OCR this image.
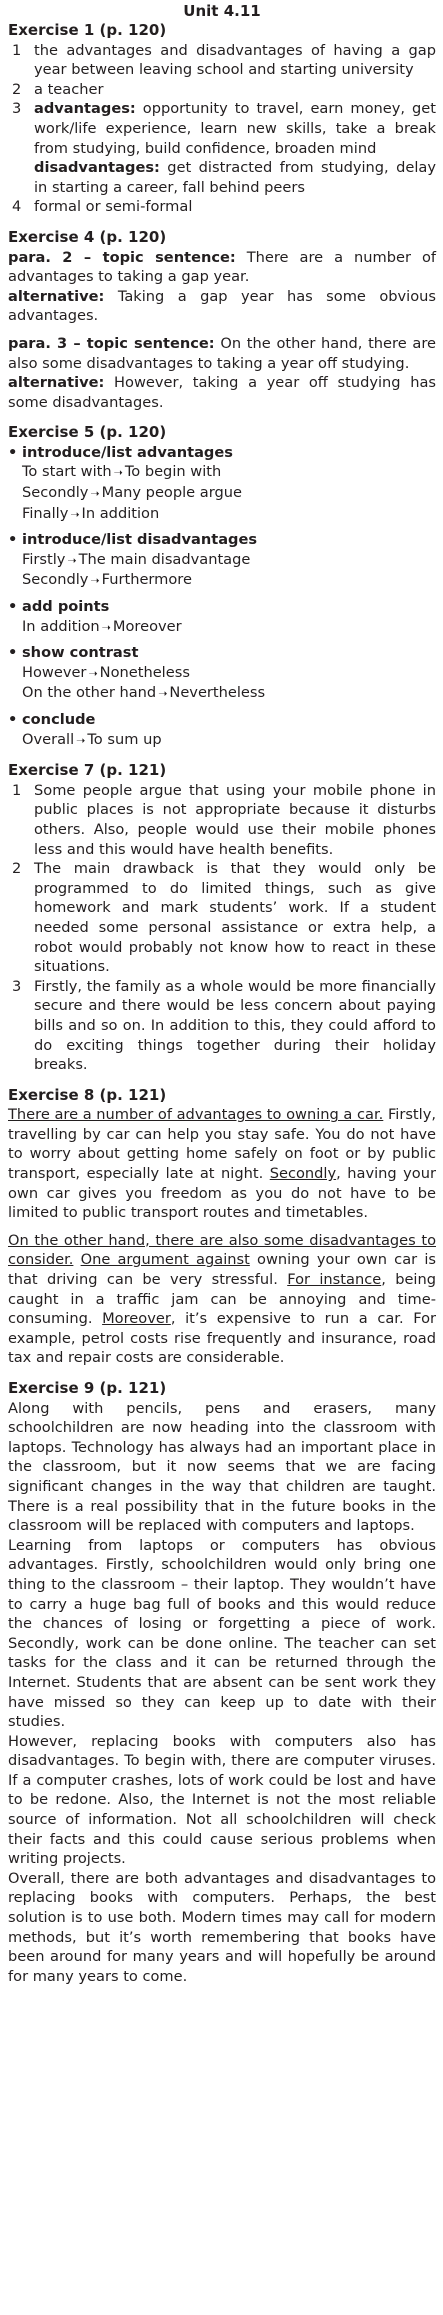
Unit 4.11
Exercise 1 (p. 120)
1 the advantages and disadvantages of having a gap year between leaving school and starting university
2 a teacher
3 advantages: opportunity to travel, earn money, get work/life experience, learn new skills, take a break from studying, build confidence, broaden mind
disadvantages: get distracted from studying, delay in starting a career, fall behind peers
4 formal or semi-formal
Exercise 4 (p. 120)

para. 2 – topic sentence: There are a number of advantages to taking a gap year.

alternative: Taking a gap year has some obvious advantages.

para. 3 – topic sentence: On the other hand, there are also some disadvantages to taking a year off studying.

alternative: However, taking a year off studying has some disadvantages.

Exercise 5 (p. 120)
• introduce/list advantages
To start with ➝ To begin with
Secondly ➝ Many people argue
Finally ➝ In addition
• introduce/list disadvantages
Firstly ➝ The main disadvantage
Secondly ➝ Furthermore
• add points
In addition ➝ Moreover
• show contrast
However ➝ Nonetheless
On the other hand ➝ Nevertheless
• conclude
Overall ➝ To sum up
Exercise 7 (p. 121)
1 Some people argue that using your mobile phone in public places is not appropriate because it disturbs others. Also, people would use their mobile phones less and this would have health benefits.
2 The main drawback is that they would only be programmed to do limited things, such as give homework and mark students’ work. If a student needed some personal assistance or extra help, a robot would probably not know how to react in these situations.
3 Firstly, the family as a whole would be more financially secure and there would be less concern about paying bills and so on. In addition to this, they could afford to do exciting things together during their holiday breaks.
Exercise 8 (p. 121)

There are a number of advantages to owning a car. Firstly, travelling by car can help you stay safe. You do not have to worry about getting home safely on foot or by public transport, especially late at night. Secondly, having your own car gives you freedom as you do not have to be limited to public transport routes and timetables.

On the other hand, there are also some disadvantages to consider. One argument against owning your own car is that driving can be very stressful. For instance, being caught in a traffic jam can be annoying and time-consuming. Moreover, it’s expensive to run a car. For example, petrol costs rise frequently and insurance, road tax and repair costs are considerable.

Exercise 9 (p. 121)

Along with pencils, pens and erasers, many schoolchildren are now heading into the classroom with laptops. Technology has always had an important place in the classroom, but it now seems that we are facing significant changes in the way that children are taught. There is a real possibility that in the future books in the classroom will be replaced with computers and laptops.

Learning from laptops or computers has obvious advantages. Firstly, schoolchildren would only bring one thing to the classroom – their laptop. They wouldn’t have to carry a huge bag full of books and this would reduce the chances of losing or forgetting a piece of work. Secondly, work can be done online. The teacher can set tasks for the class and it can be returned through the Internet. Students that are absent can be sent work they have missed so they can keep up to date with their studies.

However, replacing books with computers also has disadvantages. To begin with, there are computer viruses. If a computer crashes, lots of work could be lost and have to be redone. Also, the Internet is not the most reliable source of information. Not all schoolchildren will check their facts and this could cause serious problems when writing projects.

Overall, there are both advantages and disadvantages to replacing books with computers. Perhaps, the best solution is to use both. Modern times may call for modern methods, but it’s worth remembering that books have been around for many years and will hopefully be around for many years to come.
